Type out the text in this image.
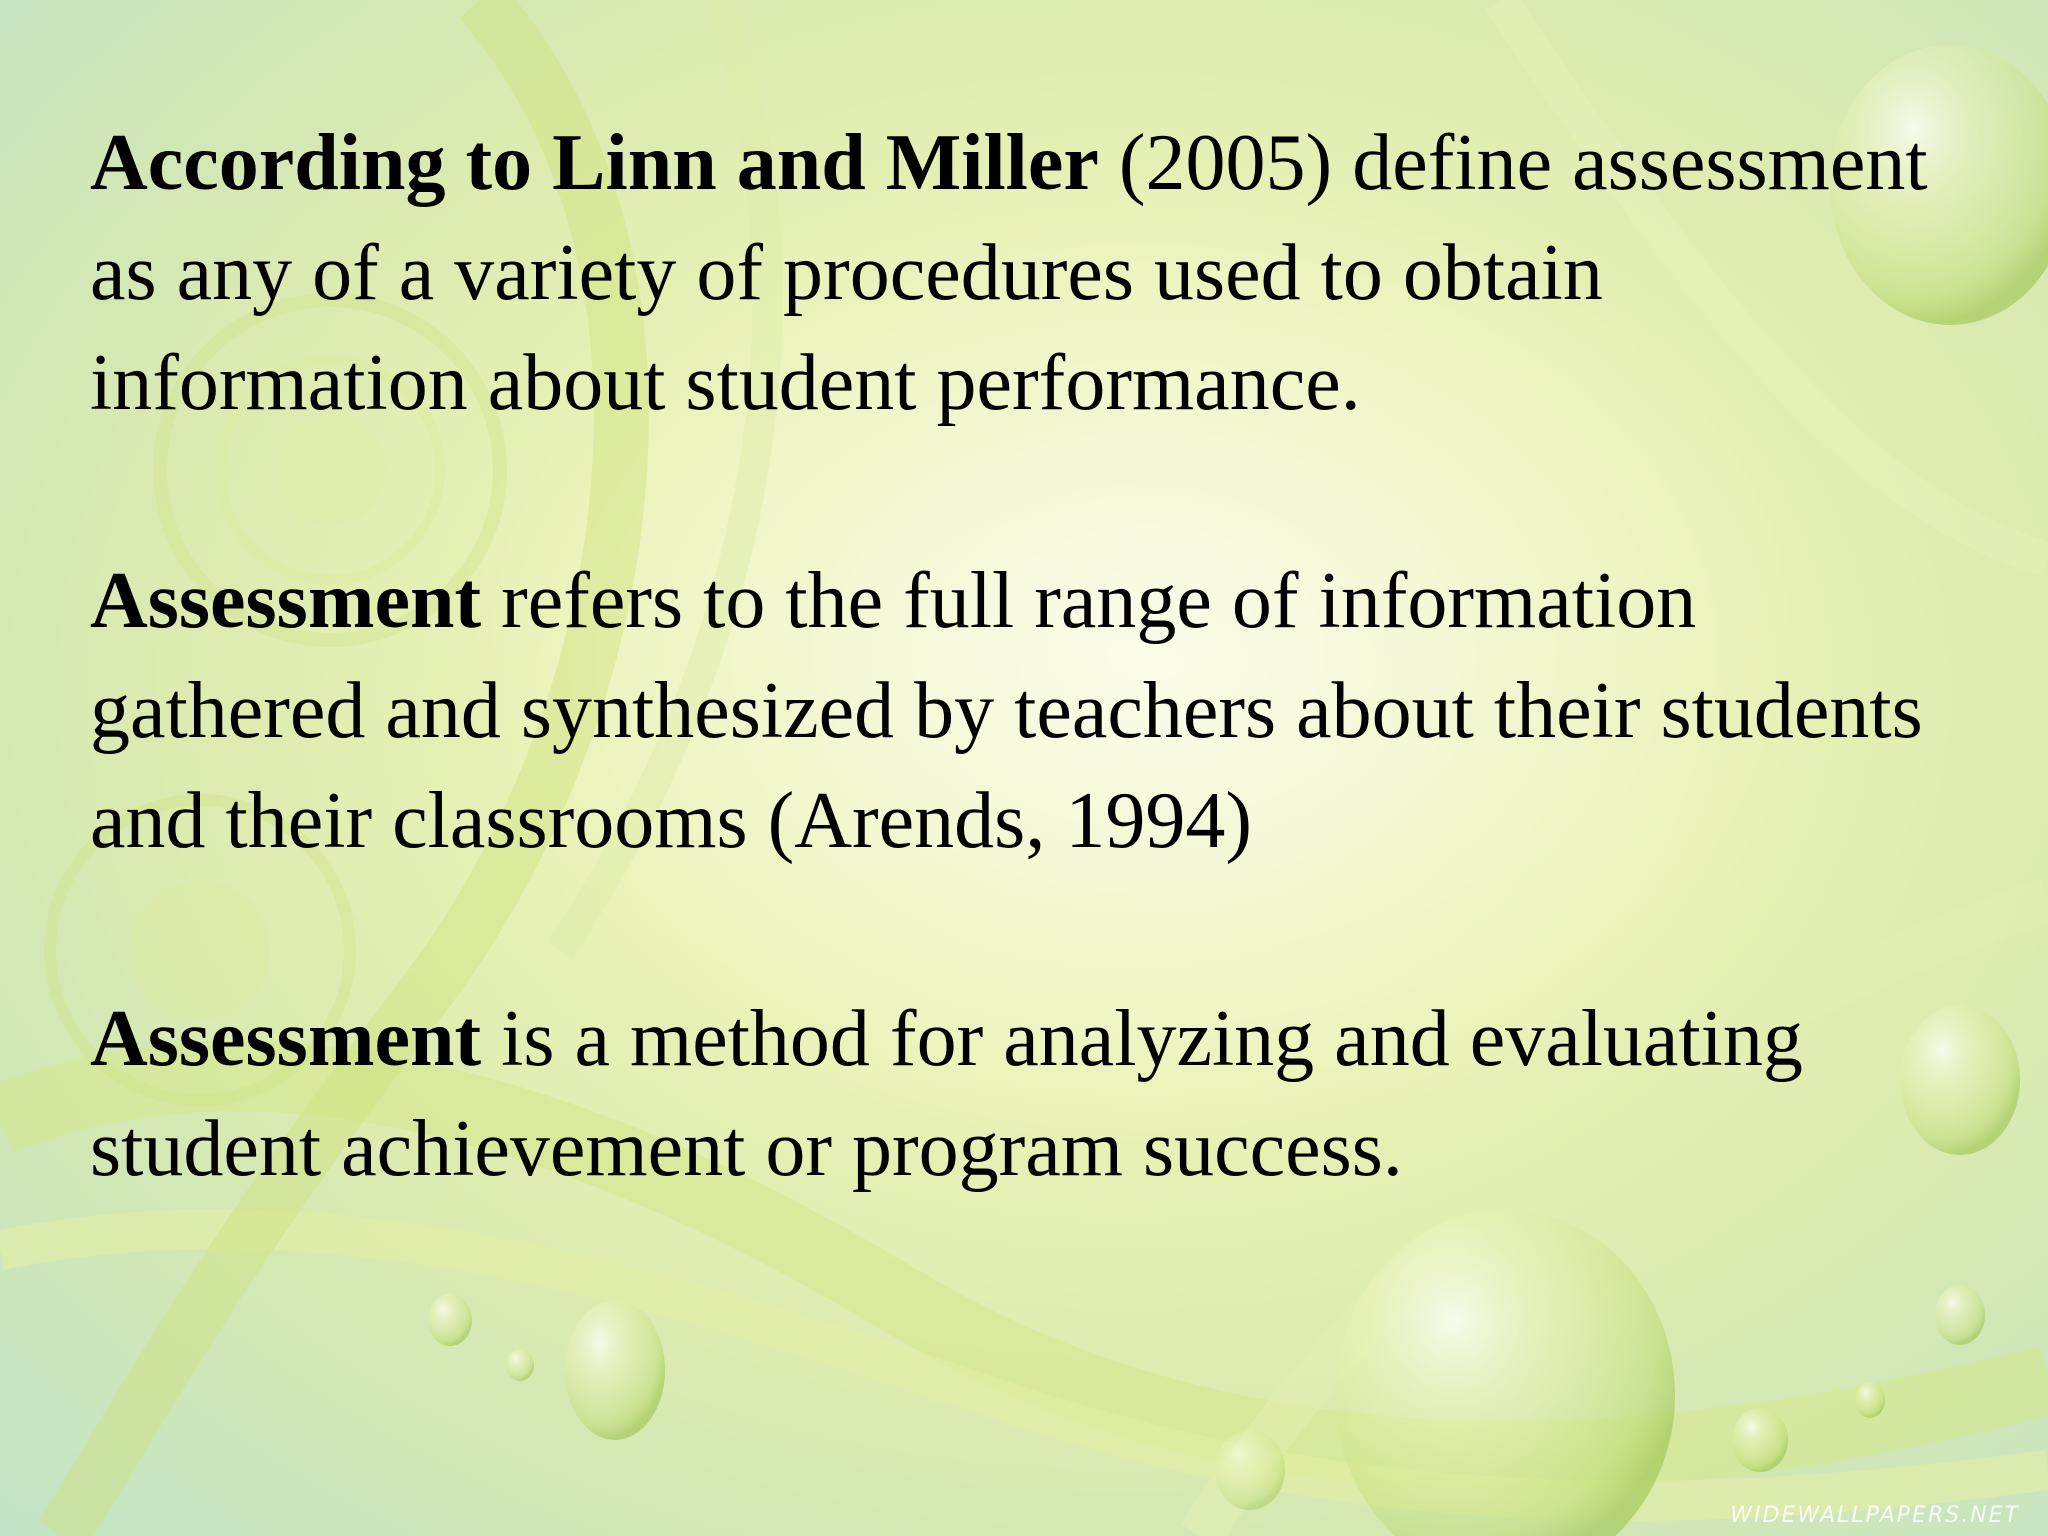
According to Linn and Miller (2005) define assessment as any of a variety of procedures used to obtain information about student performance.

Assessment refers to the full range of information gathered and synthesized by teachers about their students and their classrooms (Arends, 1994)

Assessment is a method for analyzing and evaluating student achievement or program success.

WIDEWALLPAPERS.NET
